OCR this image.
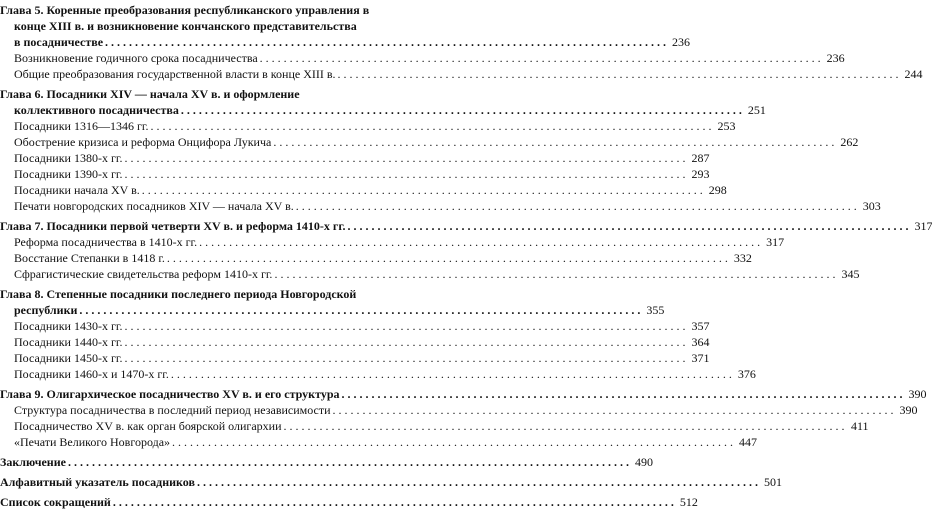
Глава 5. Коренные преобразования республиканского управления в
конце XIII в. и возникновение кончанского представительства
в посадничестве . . .	236
Возникновение годичного срока посадничества . . .	236
Общие преобразования государственной власти в конце XIII в. . . .	244
Глава 6. Посадники XIV — начала XV в. и оформление
коллективного посадничества . . .	251
Посадники 1316—1346 гг. . . .	253
Обострение кризиса и реформа Онцифора Лукича . . .	262
Посадники 1380-х гг. . . .	287
Посадники 1390-х гг. . . .	293
Посадники начала XV в. . . .	298
Печати новгородских посадников XIV — начала XV в. . . .	303
Глава 7. Посадники первой четверти XV в. и реформа 1410-х гг. . . .	317
Реформа посадничества в 1410-х гг. . . .	317
Восстание Степанки в 1418 г. . . .	332
Сфрагистические свидетельства реформ 1410-х гг. . . .	345
Глава 8. Степенные посадники последнего периода Новгородской
республики . . .	355
Посадники 1430-х гг. . . .	357
Посадники 1440-х гг. . . .	364
Посадники 1450-х гг. . . .	371
Посадники 1460-х и 1470-х гг. . . .	376
Глава 9. Олигархическое посадничество XV в. и его структура . . .	390
Структура посадничества в последний период независимости . . .	390
Посадничество XV в. как орган боярской олигархии . . .	411
«Печати Великого Новгорода» . . .	447
Заключение . . .	490
Алфавитный указатель посадников . . .	501
Список сокращений . . .	512
